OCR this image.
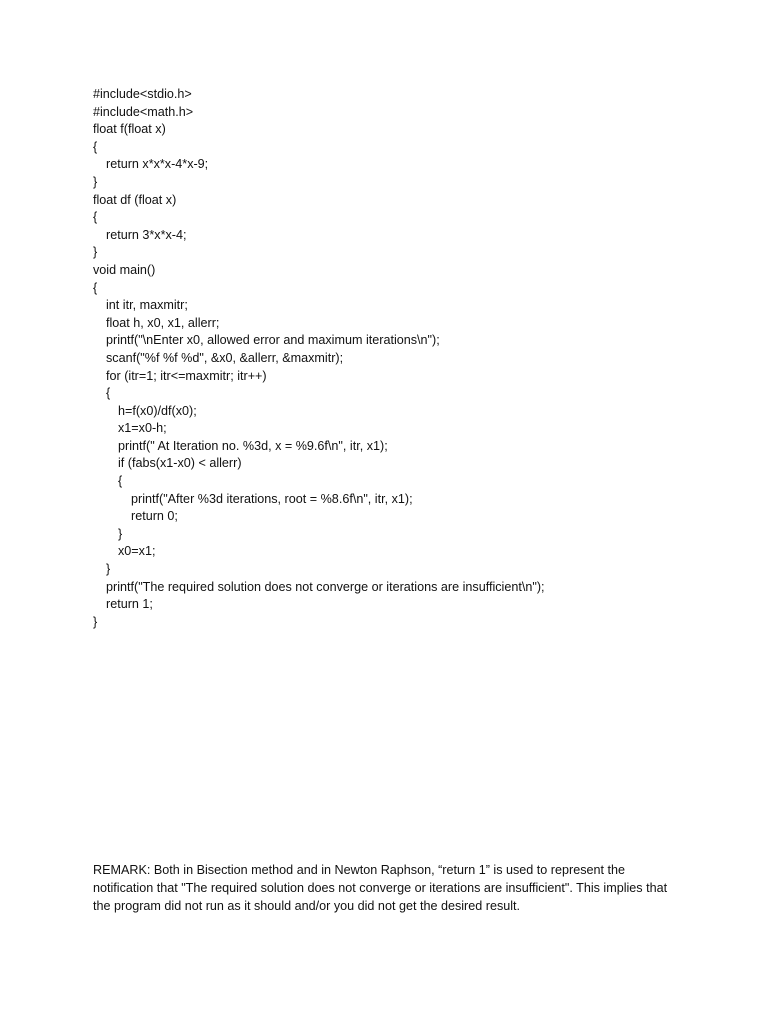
#include<stdio.h>
#include<math.h>
float f(float x)
{
return x*x*x-4*x-9;
}
float df (float x)
{
return 3*x*x-4;
}
void main()
{
int itr, maxmitr;
float h, x0, x1, allerr;
printf("\nEnter x0, allowed error and maximum iterations\n");
scanf("%f %f %d", &x0, &allerr, &maxmitr);
for (itr=1; itr<=maxmitr; itr++)
{
h=f(x0)/df(x0);
x1=x0-h;
printf(" At Iteration no. %3d, x = %9.6f\n", itr, x1);
if (fabs(x1-x0) < allerr)
{
printf("After %3d iterations, root = %8.6f\n", itr, x1);
return 0;
}
x0=x1;
}
printf("The required solution does not converge or iterations are insufficient\n");
return 1;
}
REMARK: Both in Bisection method and in Newton Raphson, “return 1” is used to represent the notification that "The required solution does not converge or iterations are insufficient". This implies that the program did not run as it should and/or you did not get the desired result.
